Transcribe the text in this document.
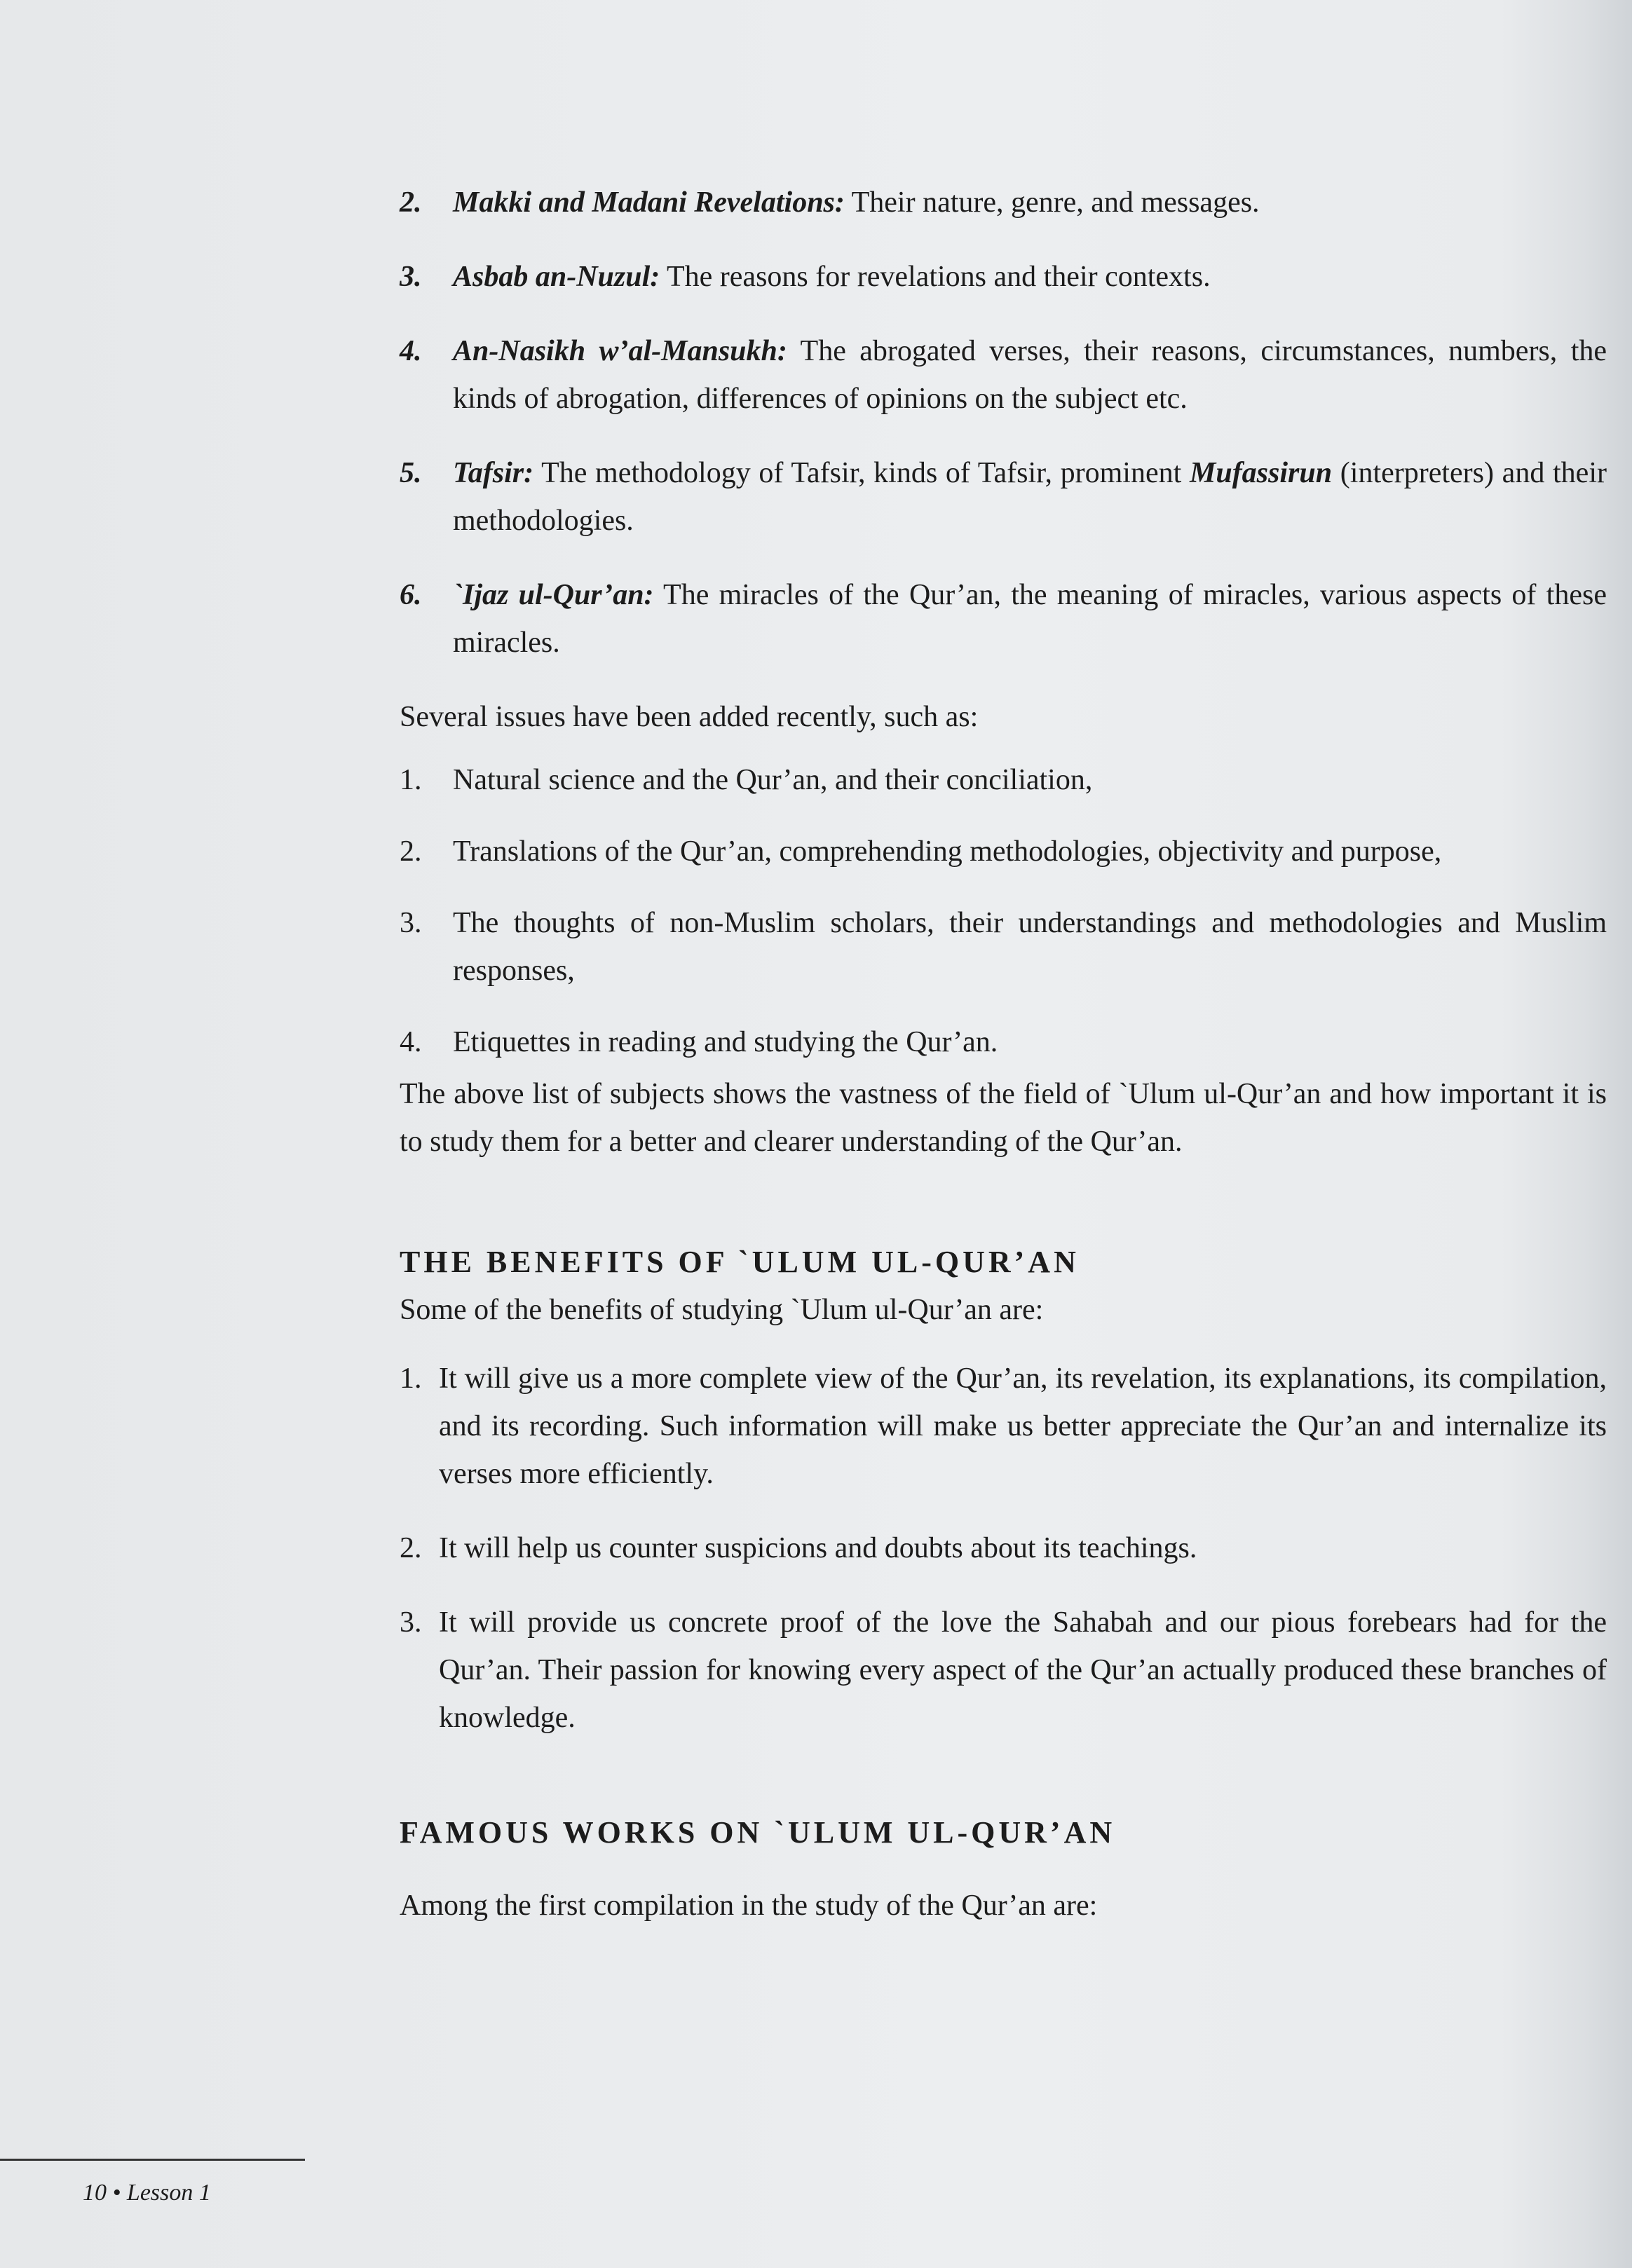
2. Makki and Madani Revelations: Their nature, genre, and messages.
3. Asbab an-Nuzul: The reasons for revelations and their contexts.
4. An-Nasikh w’al-Mansukh: The abrogated verses, their reasons, circumstances, numbers, the kinds of abrogation, differences of opinions on the subject etc.
5. Tafsir: The methodology of Tafsir, kinds of Tafsir, prominent Mufassirun (interpreters) and their methodologies.
6. `Ijaz ul-Qur’an: The miracles of the Qur’an, the meaning of miracles, various aspects of these miracles.

Several issues have been added recently, such as:

1. Natural science and the Qur’an, and their conciliation,
2. Translations of the Qur’an, comprehending methodologies, objectivity and purpose,
3. The thoughts of non-Muslim scholars, their understandings and methodologies and Muslim responses,
4. Etiquettes in reading and studying the Qur’an.

The above list of subjects shows the vastness of the field of `Ulum ul-Qur’an and how important it is to study them for a better and clearer understanding of the Qur’an.

THE BENEFITS OF `ULUM UL-QUR’AN

Some of the benefits of studying `Ulum ul-Qur’an are:

1. It will give us a more complete view of the Qur’an, its revelation, its explanations, its compilation, and its recording. Such information will make us better appreciate the Qur’an and internalize its verses more efficiently.
2. It will help us counter suspicions and doubts about its teachings.
3. It will provide us concrete proof of the love the Sahabah and our pious forebears had for the Qur’an. Their passion for knowing every aspect of the Qur’an actually produced these branches of knowledge.
FAMOUS WORKS ON `ULUM UL-QUR’AN

Among the first compilation in the study of the Qur’an are:

10 • Lesson 1
